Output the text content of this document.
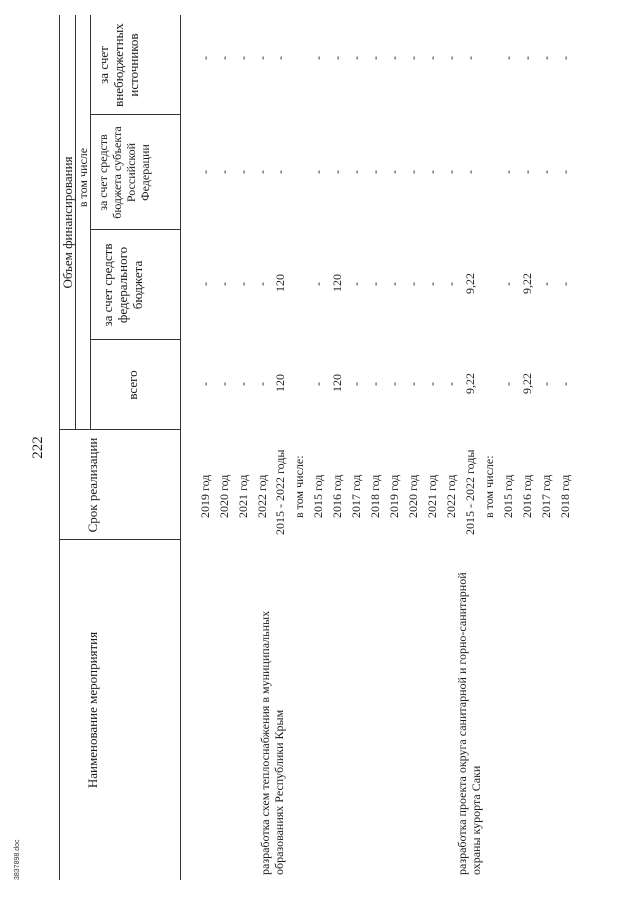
222
Наименование мероприятия
Срок реализации
Объем финансирования в том числе
всего
за счет средств федерального бюджета
за счет средств бюджета субъекта Российской Федерации
за счет внебюджетных источников
разработка схем теплоснабжения в муниципальных образованиях Республики Крым	разработка проекта округа санитарной и горно-санитарной охраны курорта Саки
2019 год
-
-
-
-
2020 год
-
-
-
-
2021 год
-
-
-
-
2022 год
-
-
-
-
2015 - 2022 годы
120
120
-
-
в том числе: 2015 год
-
-
-
-
2016 год
120
120
-
-
2017 год
-
-
-
-
2018 год
-
-
-
-
2019 год
-
-
-
-
2020 год
-
-
-
-
2021 год
-
-
-
-
2022 год
-
-
-
-
2015 - 2022 годы
9,22
9,22
-
-
в том числе: 2015 год
-
-
-
-
2016 год
9,22
9,22
-
-
2017 год
-
-
-
-
2018 год
-
-
-
-
3837898.doc
